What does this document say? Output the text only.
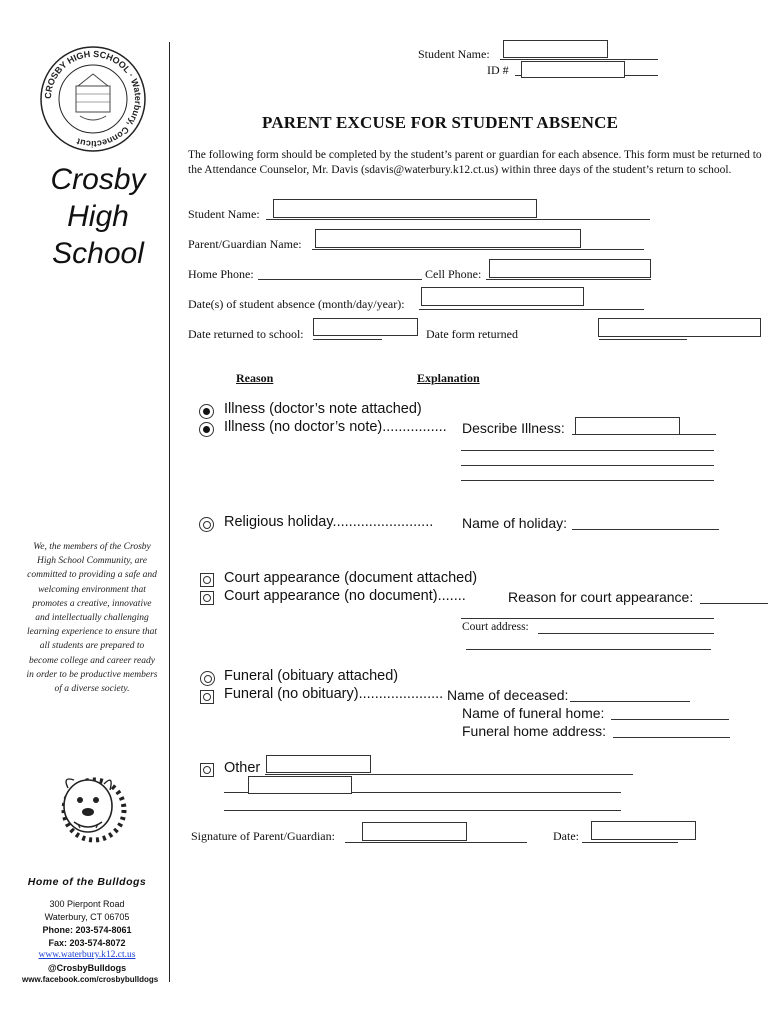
CROSBY HIGH SCHOOL · Waterbury, Connecticut
Crosby
High
School
We, the members of the Crosby High School Community, are committed to providing a safe and welcoming environment that promotes a creative, innovative and intellectually challenging learning experience to ensure that all students are prepared to become college and career ready in order to be productive members of a diverse society.
Home of the Bulldogs
300 Pierpont Road
Waterbury, CT 06705
Phone: 203-574-8061
Fax: 203-574-8072
www.waterbury.k12.ct.us
@CrosbyBulldogs
www.facebook.com/crosbybulldogs
Student Name:
ID #
PARENT EXCUSE FOR STUDENT ABSENCE
The following form should be completed by the student’s parent or guardian for each absence. This form must be returned to the Attendance Counselor, Mr. Davis (sdavis@waterbury.k12.ct.us) within three days of the student’s return to school.
Student Name:
Parent/Guardian Name:
Home Phone:	Cell Phone:
Date(s) of student absence (month/day/year):
Date returned to school:	Date form returned
Reason	Explanation
Illness (doctor’s note attached)
Illness (no doctor’s note)................ Describe Illness:
Religious holiday......................... Name of holiday:
Court appearance (document attached)
Court appearance (no document).......	Reason for court appearance:
Court address:
Funeral (obituary attached)
Funeral (no obituary)..................... Name of deceased:
Name of funeral home:
Funeral home address:
Other
Signature of Parent/Guardian:	Date:
